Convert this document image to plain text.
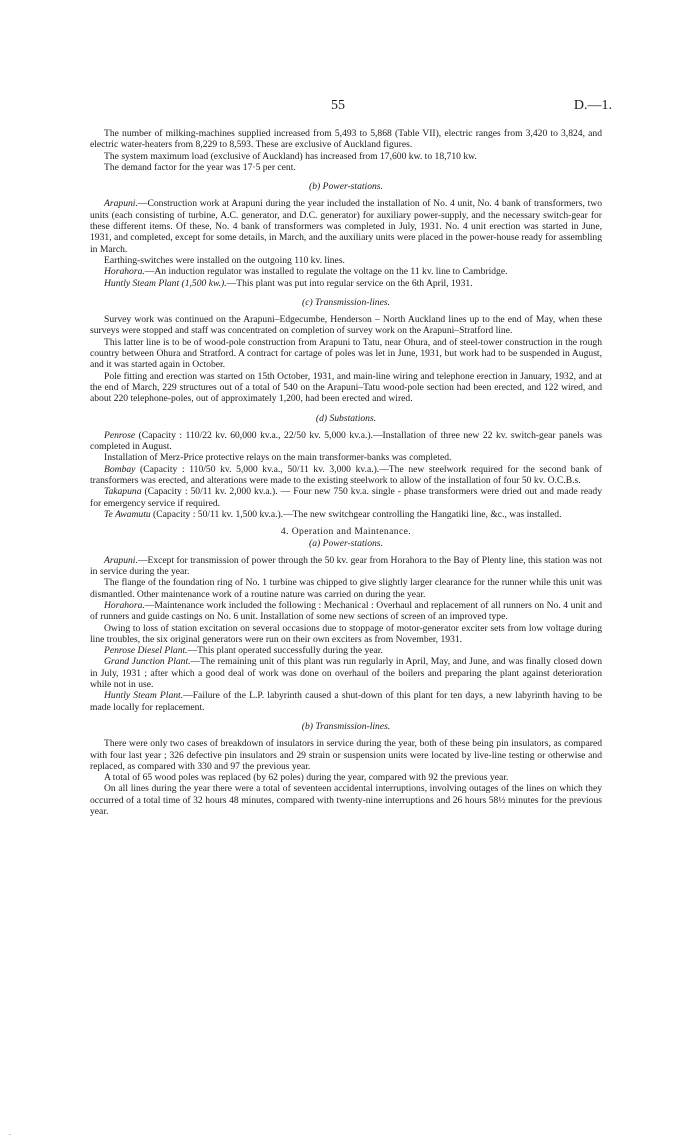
55	D.—1.

The number of milking-machines supplied increased from 5,493 to 5,868 (Table VII), electric ranges from 3,420 to 3,824, and electric water-heaters from 8,229 to 8,593. These are exclusive of Auckland figures.

The system maximum load (exclusive of Auckland) has increased from 17,600 kw. to 18,710 kw.

The demand factor for the year was 17·5 per cent.

(b) Power-stations.

Arapuni.—Construction work at Arapuni during the year included the installation of No. 4 unit, No. 4 bank of transformers, two units (each consisting of turbine, A.C. generator, and D.C. generator) for auxiliary power-supply, and the necessary switch-gear for these different items. Of these, No. 4 bank of transformers was completed in July, 1931. No. 4 unit erection was started in June, 1931, and completed, except for some details, in March, and the auxiliary units were placed in the power-house ready for assembling in March.

Earthing-switches were installed on the outgoing 110 kv. lines.

Horahora.—An induction regulator was installed to regulate the voltage on the 11 kv. line to Cambridge.

Huntly Steam Plant (1,500 kw.).—This plant was put into regular service on the 6th April, 1931.

(c) Transmission-lines.

Survey work was continued on the Arapuni–Edgecumbe, Henderson – North Auckland lines up to the end of May, when these surveys were stopped and staff was concentrated on completion of survey work on the Arapuni–Stratford line.

This latter line is to be of wood-pole construction from Arapuni to Tatu, near Ohura, and of steel-tower construction in the rough country between Ohura and Stratford. A contract for cartage of poles was let in June, 1931, but work had to be suspended in August, and it was started again in October.

Pole fitting and erection was started on 15th October, 1931, and main-line wiring and telephone erection in January, 1932, and at the end of March, 229 structures out of a total of 540 on the Arapuni–Tatu wood-pole section had been erected, and 122 wired, and about 220 telephone-poles, out of approximately 1,200, had been erected and wired.

(d) Substations.

Penrose (Capacity : 110/22 kv. 60,000 kv.a., 22/50 kv. 5,000 kv.a.).—Installation of three new 22 kv. switch-gear panels was completed in August.

Installation of Merz-Price protective relays on the main transformer-banks was completed.

Bombay (Capacity : 110/50 kv. 5,000 kv.a., 50/11 kv. 3,000 kv.a.).—The new steelwork required for the second bank of transformers was erected, and alterations were made to the existing steelwork to allow of the installation of four 50 kv. O.C.B.s.

Takapuna (Capacity : 50/11 kv. 2,000 kv.a.). — Four new 750 kv.a. single - phase transformers were dried out and made ready for emergency service if required.

Te Awamutu (Capacity : 50/11 kv. 1,500 kv.a.).—The new switchgear controlling the Hangatiki line, &c., was installed.

4. Operation and Maintenance.
(a) Power-stations.

Arapuni.—Except for transmission of power through the 50 kv. gear from Horahora to the Bay of Plenty line, this station was not in service during the year.

The flange of the foundation ring of No. 1 turbine was chipped to give slightly larger clearance for the runner while this unit was dismantled. Other maintenance work of a routine nature was carried on during the year.

Horahora.—Maintenance work included the following : Mechanical : Overhaul and replacement of all runners on No. 4 unit and of runners and guide castings on No. 6 unit. Installation of some new sections of screen of an improved type.

Owing to loss of station excitation on several occasions due to stoppage of motor-generator exciter sets from low voltage during line troubles, the six original generators were run on their own exciters as from November, 1931.

Penrose Diesel Plant.—This plant operated successfully during the year.

Grand Junction Plant.—The remaining unit of this plant was run regularly in April, May, and June, and was finally closed down in July, 1931 ; after which a good deal of work was done on overhaul of the boilers and preparing the plant against deterioration while not in use.

Huntly Steam Plant.—Failure of the L.P. labyrinth caused a shut-down of this plant for ten days, a new labyrinth having to be made locally for replacement.

(b) Transmission-lines.

There were only two cases of breakdown of insulators in service during the year, both of these being pin insulators, as compared with four last year ; 326 defective pin insulators and 29 strain or suspension units were located by live-line testing or otherwise and replaced, as compared with 330 and 97 the previous year.

A total of 65 wood poles was replaced (by 62 poles) during the year, compared with 92 the previous year.

On all lines during the year there were a total of seventeen accidental interruptions, involving outages of the lines on which they occurred of a total time of 32 hours 48 minutes, compared with twenty-nine interruptions and 26 hours 58½ minutes for the previous year.

.
